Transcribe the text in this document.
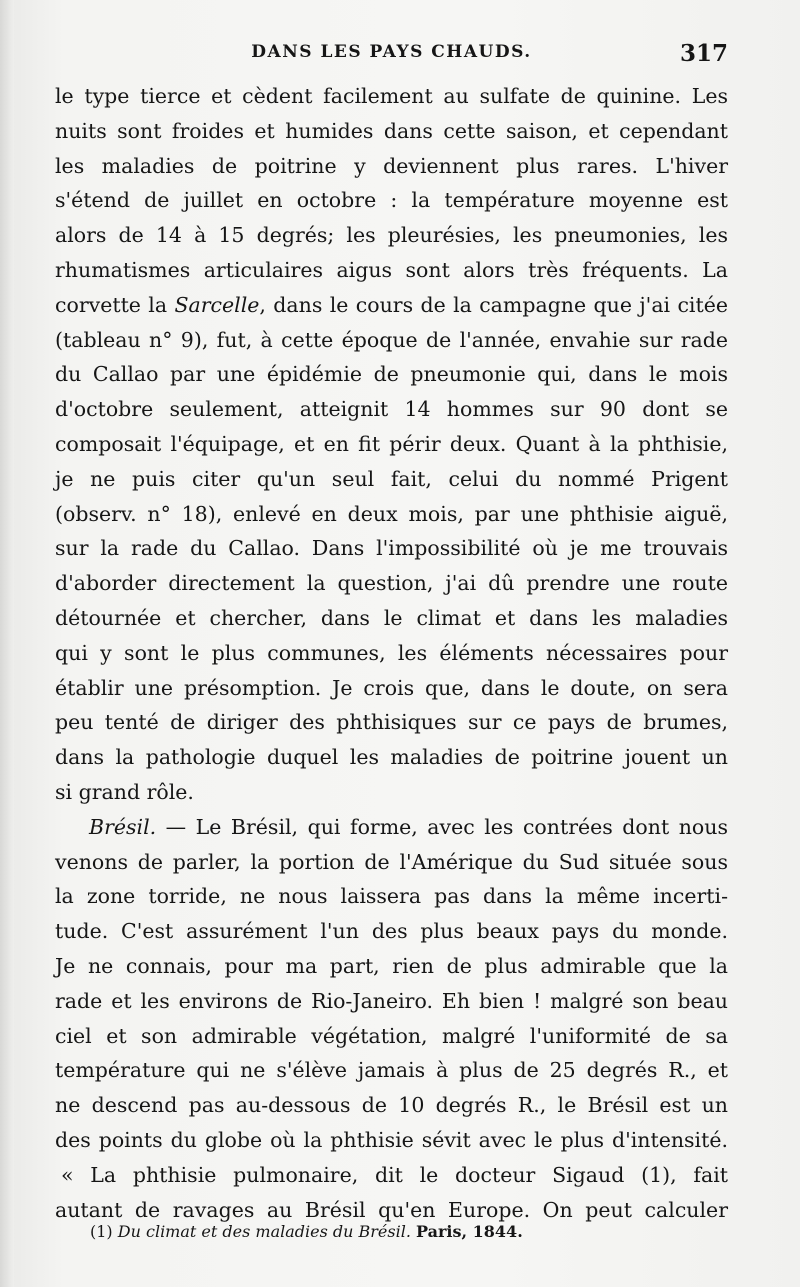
DANS LES PAYS CHAUDS.	317
le type tierce et cèdent facilement au sulfate de quinine. Les
nuits sont froides et humides dans cette saison, et cependant
les maladies de poitrine y deviennent plus rares. L'hiver
s'étend de juillet en octobre : la température moyenne est
alors de 14 à 15 degrés; les pleurésies, les pneumonies, les
rhumatismes articulaires aigus sont alors très fréquents. La
corvette la Sarcelle, dans le cours de la campagne que j'ai citée
(tableau n° 9), fut, à cette époque de l'année, envahie sur rade
du Callao par une épidémie de pneumonie qui, dans le mois
d'octobre seulement, atteignit 14 hommes sur 90 dont se
composait l'équipage, et en fit périr deux. Quant à la phthisie,
je ne puis citer qu'un seul fait, celui du nommé Prigent
(observ. n° 18), enlevé en deux mois, par une phthisie aiguë,
sur la rade du Callao. Dans l'impossibilité où je me trouvais
d'aborder directement la question, j'ai dû prendre une route
détournée et chercher, dans le climat et dans les maladies
qui y sont le plus communes, les éléments nécessaires pour
établir une présomption. Je crois que, dans le doute, on sera
peu tenté de diriger des phthisiques sur ce pays de brumes,
dans la pathologie duquel les maladies de poitrine jouent un
si grand rôle.
Brésil. — Le Brésil, qui forme, avec les contrées dont nous
venons de parler, la portion de l'Amérique du Sud située sous
la zone torride, ne nous laissera pas dans la même incerti-
tude. C'est assurément l'un des plus beaux pays du monde.
Je ne connais, pour ma part, rien de plus admirable que la
rade et les environs de Rio-Janeiro. Eh bien ! malgré son beau
ciel et son admirable végétation, malgré l'uniformité de sa
température qui ne s'élève jamais à plus de 25 degrés R., et
ne descend pas au-dessous de 10 degrés R., le Brésil est un
des points du globe où la phthisie sévit avec le plus d'intensité.
« La phthisie pulmonaire, dit le docteur Sigaud (1), fait
autant de ravages au Brésil qu'en Europe. On peut calculer
(1) Du climat et des maladies du Brésil. Paris, 1844.
